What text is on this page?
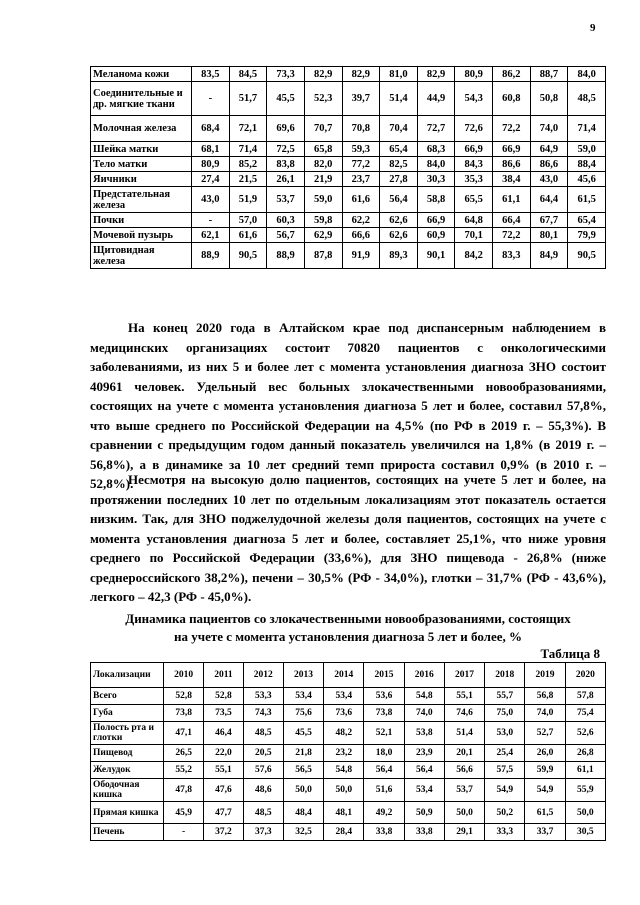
9
Меланома кожи	83,5	84,5	73,3	82,9	82,9	81,0	82,9	80,9	86,2	88,7	84,0
Соединительные и др. мягкие ткани	-	51,7	45,5	52,3	39,7	51,4	44,9	54,3	60,8	50,8	48,5
Молочная железа	68,4	72,1	69,6	70,7	70,8	70,4	72,7	72,6	72,2	74,0	71,4
Шейка матки	68,1	71,4	72,5	65,8	59,3	65,4	68,3	66,9	66,9	64,9	59,0
Тело матки	80,9	85,2	83,8	82,0	77,2	82,5	84,0	84,3	86,6	86,6	88,4
Яичники	27,4	21,5	26,1	21,9	23,7	27,8	30,3	35,3	38,4	43,0	45,6
Предстательная железа	43,0	51,9	53,7	59,0	61,6	56,4	58,8	65,5	61,1	64,4	61,5
Почки	-	57,0	60,3	59,8	62,2	62,6	66,9	64,8	66,4	67,7	65,4
Мочевой пузырь	62,1	61,6	56,7	62,9	66,6	62,6	60,9	70,1	72,2	80,1	79,9
Щитовидная железа	88,9	90,5	88,9	87,8	91,9	89,3	90,1	84,2	83,3	84,9	90,5

На конец 2020 года в Алтайском крае под диспансерным наблюдением в медицинских организациях состоит 70820 пациентов с онкологическими заболеваниями, из них 5 и более лет с момента установления диагноза ЗНО состоит 40961 человек. Удельный вес больных злокачественными новообразованиями, состоящих на учете с момента установления диагноза 5 лет и более, составил 57,8%, что выше среднего по Российской Федерации на 4,5% (по РФ в 2019 г. – 55,3%). В сравнении с предыдущим годом данный показатель увеличился на 1,8% (в 2019 г. – 56,8%), а в динамике за 10 лет средний темп прироста составил 0,9% (в 2010 г. – 52,8%).

Несмотря на высокую долю пациентов, состоящих на учете 5 лет и более, на протяжении последних 10 лет по отдельным локализациям этот показатель остается низким. Так, для ЗНО поджелудочной железы доля пациентов, состоящих на учете с момента установления диагноза 5 лет и более, составляет 25,1%, что ниже уровня среднего по Российской Федерации (33,6%), для ЗНО пищевода - 26,8% (ниже среднероссийского 38,2%), печени – 30,5% (РФ - 34,0%), глотки – 31,7% (РФ - 43,6%), легкого – 42,3 (РФ - 45,0%).

Динамика пациентов со злокачественными новообразованиями, состоящих
на учете с момента установления диагноза 5 лет и более, %
Таблица 8
Локализации	2010	2011	2012	2013	2014	2015	2016	2017	2018	2019	2020
Всего	52,8	52,8	53,3	53,4	53,4	53,6	54,8	55,1	55,7	56,8	57,8
Губа	73,8	73,5	74,3	75,6	73,6	73,8	74,0	74,6	75,0	74,0	75,4
Полость рта и глотки	47,1	46,4	48,5	45,5	48,2	52,1	53,8	51,4	53,0	52,7	52,6
Пищевод	26,5	22,0	20,5	21,8	23,2	18,0	23,9	20,1	25,4	26,0	26,8
Желудок	55,2	55,1	57,6	56,5	54,8	56,4	56,4	56,6	57,5	59,9	61,1
Ободочная кишка	47,8	47,6	48,6	50,0	50,0	51,6	53,4	53,7	54,9	54,9	55,9
Прямая кишка	45,9	47,7	48,5	48,4	48,1	49,2	50,9	50,0	50,2	61,5	50,0
Печень	-	37,2	37,3	32,5	28,4	33,8	33,8	29,1	33,3	33,7	30,5
